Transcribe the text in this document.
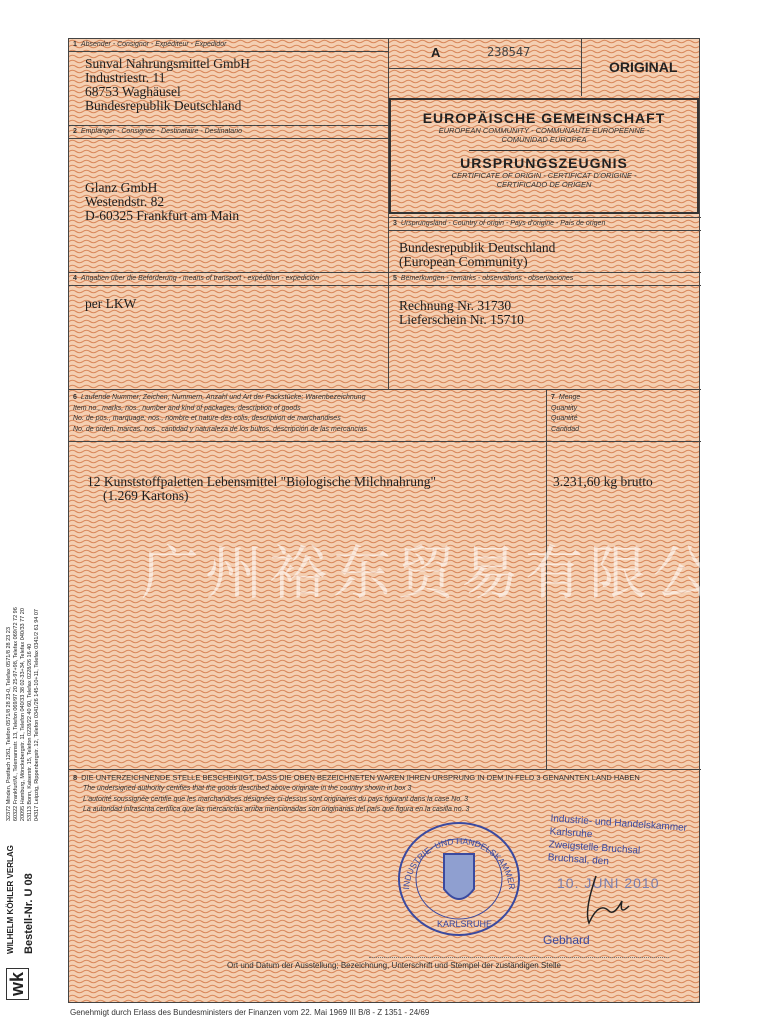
1 Absender - Consignor - Expéditeur - Expedidor
Sunval Nahrungsmittel GmbH
Industriestr. 11
68753 Waghäusel
Bundesrepublik Deutschland
2 Empfänger - Consignee - Destinataire - Destinatario
Glanz GmbH
Westendstr. 82
D-60325 Frankfurt am Main
A	238547
ORIGINAL
EUROPÄISCHE GEMEINSCHAFT
EUROPEAN COMMUNITY - COMMUNAUTE EUROPEENNE -
COMUNIDAD EUROPEA
URSPRUNGSZEUGNIS
CERTIFICATE OF ORIGIN - CERTIFICAT D'ORIGINE -
CERTIFICADO DE ORIGEN
3 Ursprungsland - Country of origin - Pays d'origine - País de origen
Bundesrepublik Deutschland
(European Community)
4 Angaben über die Beförderung - means of transport - expédition - expedición
per LKW
5 Bemerkungen - remarks - observations - observaciones
Rechnung Nr. 31730
Lieferschein Nr. 15710
6 Laufende Nummer; Zeichen, Nummern, Anzahl und Art der Packstücke; Warenbezeichnung
Item no., marks, nos., number and kind of packages, description of goods
No. de pos., marquage, nos., nombre et nature des colis, description de marchandises
No. de orden, marcas, nos., cantidad y naturaleza de los bultos, descripción de las mercancías
7 Menge
Quantity
Quantité
Cantidad
12 Kunststoffpaletten Lebensmittel "Biologische Milchnahrung"
(1.269 Kartons)
3.231,60 kg brutto
8 DIE UNTERZEICHNENDE STELLE BESCHEINIGT, DASS DIE OBEN BEZEICHNETEN WAREN IHREN URSPRUNG IN DEM IN FELD 3 GENANNTEN LAND HABEN
The undersigned authority certifies that the goods described above originate in the country shown in box 3
L'autorité soussignée certifie que les marchandises désignées ci-dessus sont originaires du pays figurant dans la case No. 3
La autoridad infrascrita certifica que las mercancías arriba mencionadas son originarias del país que figura en la casilla no. 3
Ort und Datum der Ausstellung; Bezeichnung, Unterschrift und Stempel der zuständigen Stelle
INDUSTRIE- UND HANDELSKAMMER
KARLSRUHE
Industrie- und Handelskammer
Karlsruhe
Zweigstelle Bruchsal
Bruchsal, den
10. JUNI 2010
Gebhard
广州裕东贸易有限公司
Genehmigt durch Erlass des Bundesministers der Finanzen vom 22. Mai 1969 III B/8 - Z 1351 - 24/69
wk
WILHELM KÖHLER VERLAG Bestell-Nr. U 08
32372 Minden, Postfach 1261, Telefon 0571/8 28 23-0, Telefax 0571/8 28 23 23
60322 Frankfurt/M., Telemannstr. 13, Telefon 069/97 20 25-97+98, Telefax 069/72 72 96
20095 Hamburg, Mönckebergstr. 11, Telefon 040/33 38 02-33+34, Telefax 040/33 77 20
53113 Bonn, Kaiserstr. 15, Telefon 0228/22 40 60, Telefax 0228/26 16 40
04317 Leipzig, Rippenbergstr. 12, Telefon 0341/26 145-10+11, Telefax 0341/2 61 94 07
